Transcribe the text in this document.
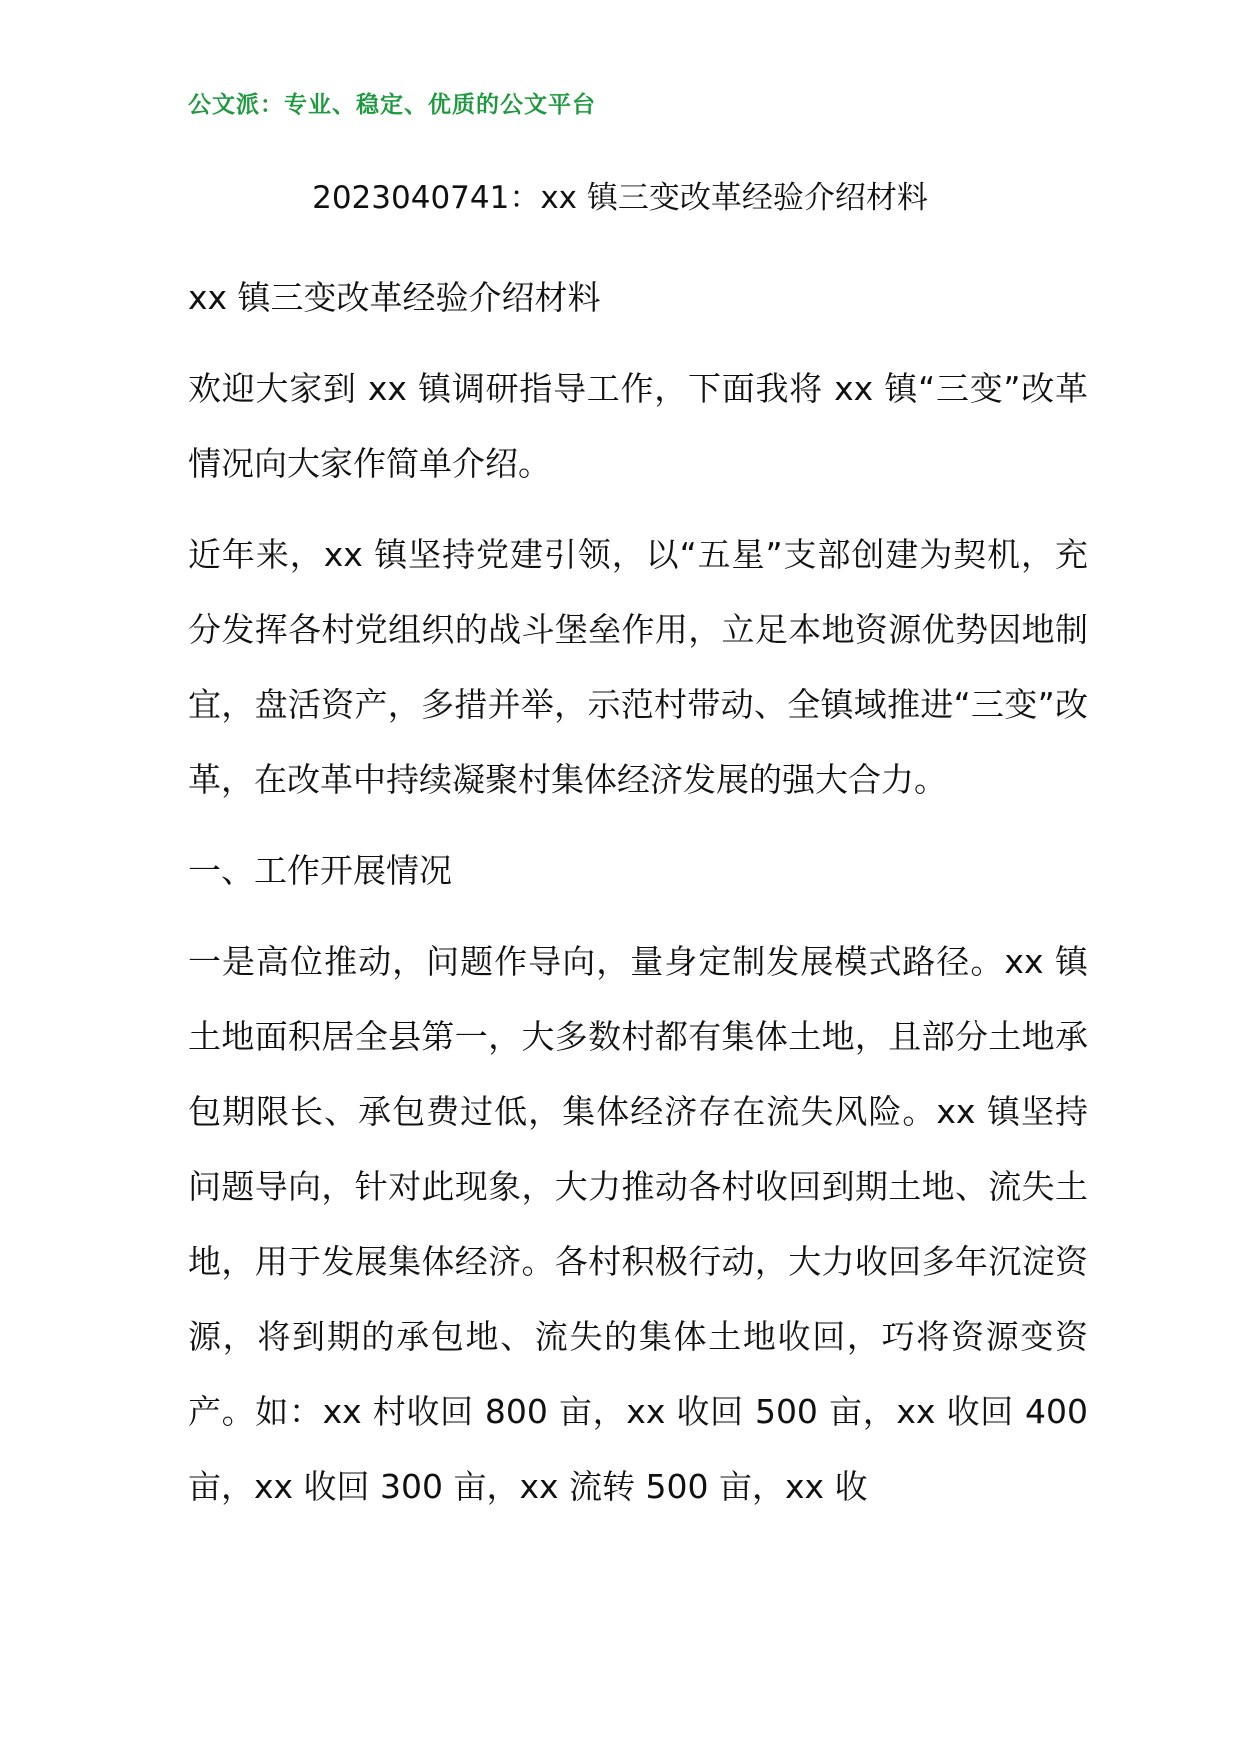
公文派：专业、稳定、优质的公文平台
2023040741：xx 镇三变改革经验介绍材料

xx 镇三变改革经验介绍材料

欢迎大家到 xx 镇调研指导工作，下面我将 xx 镇“三变”改革情况向大家作简单介绍。

近年来，xx 镇坚持党建引领，以“五星”支部创建为契机，充分发挥各村党组织的战斗堡垒作用，立足本地资源优势因地制宜，盘活资产，多措并举，示范村带动、全镇域推进“三变”改革，在改革中持续凝聚村集体经济发展的强大合力。

一、工作开展情况

一是高位推动，问题作导向，量身定制发展模式路径。xx 镇土地面积居全县第一，大多数村都有集体土地，且部分土地承包期限长、承包费过低，集体经济存在流失风险。xx 镇坚持问题导向，针对此现象，大力推动各村收回到期土地、流失土地，用于发展集体经济。各村积极行动，大力收回多年沉淀资源，将到期的承包地、流失的集体土地收回，巧将资源变资产。如：xx 村收回 800 亩，xx 收回 500 亩，xx 收回 400 亩，xx 收回 300 亩，xx 流转 500 亩，xx 收
